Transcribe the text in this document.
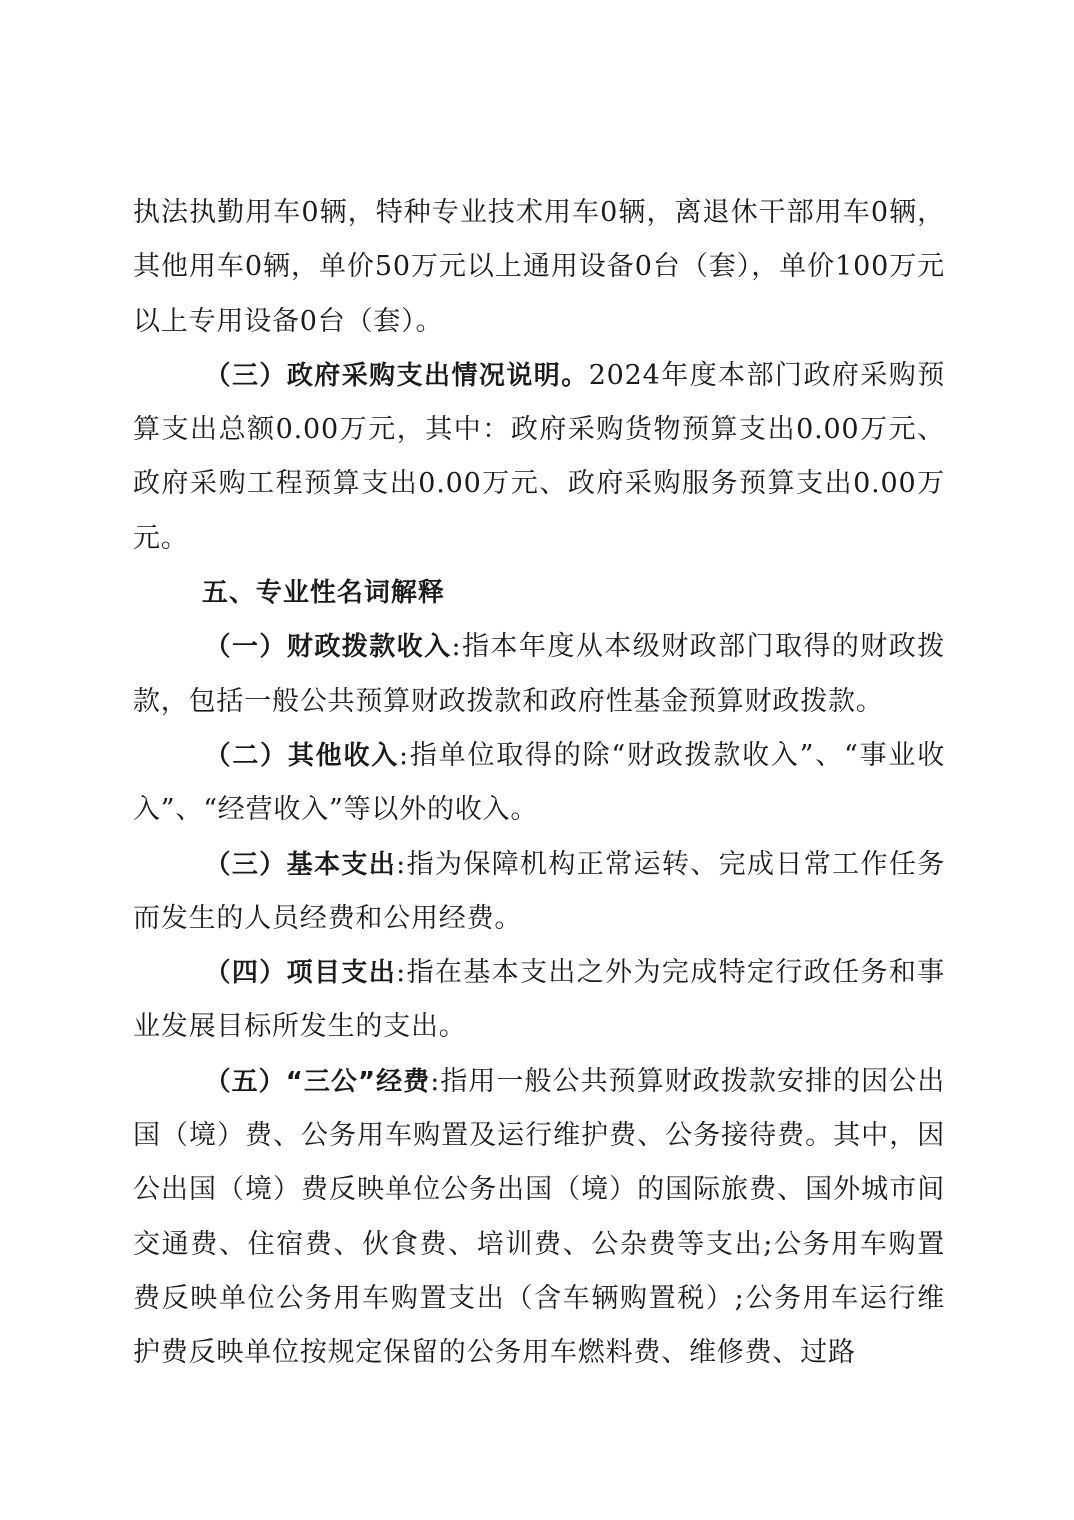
执法执勤用车0辆，特种专业技术用车0辆，离退休干部用车0辆，其他用车0辆，单价50万元以上通用设备0台（套），单价100万元以上专用设备0台（套）。

（三）政府采购支出情况说明。2024年度本部门政府采购预算支出总额0.00万元，其中：政府采购货物预算支出0.00万元、政府采购工程预算支出0.00万元、政府采购服务预算支出0.00万元。

五、专业性名词解释

（一）财政拨款收入:指本年度从本级财政部门取得的财政拨款，包括一般公共预算财政拨款和政府性基金预算财政拨款。

（二）其他收入:指单位取得的除“财政拨款收入”、“事业收入”、“经营收入”等以外的收入。

（三）基本支出:指为保障机构正常运转、完成日常工作任务而发生的人员经费和公用经费。

（四）项目支出:指在基本支出之外为完成特定行政任务和事业发展目标所发生的支出。

（五）“三公”经费:指用一般公共预算财政拨款安排的因公出国（境）费、公务用车购置及运行维护费、公务接待费。其中，因公出国（境）费反映单位公务出国（境）的国际旅费、国外城市间交通费、住宿费、伙食费、培训费、公杂费等支出;公务用车购置费反映单位公务用车购置支出（含车辆购置税）;公务用车运行维护费反映单位按规定保留的公务用车燃料费、维修费、过路
